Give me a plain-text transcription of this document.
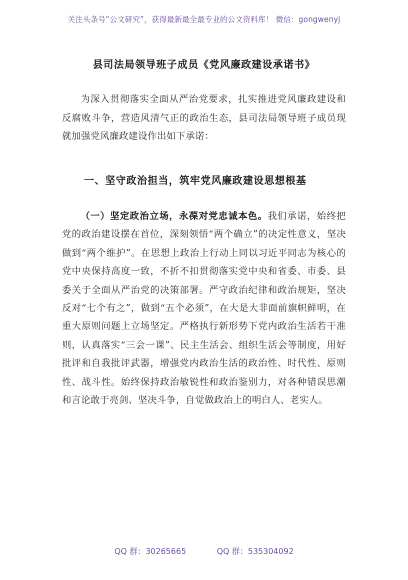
关注头条号“公文研究”，获得最新最全最专业的公文资料库！ 微信：gongwenyj
县司法局领导班子成员《党风廉政建设承诺书》
为深入贯彻落实全面从严治党要求，扎实推进党风廉政建设和反腐败斗争，营造风清气正的政治生态，县司法局领导班子成员现就加强党风廉政建设作出如下承诺：
一、坚守政治担当，筑牢党风廉政建设思想根基
（一）坚定政治立场，永葆对党忠诚本色。我们承诺，始终把党的政治建设摆在首位，深刻领悟“两个确立”的决定性意义，坚决做到“两个维护”。在思想上政治上行动上同以习近平同志为核心的党中央保持高度一致，不折不扣贯彻落实党中央和省委、市委、县委关于全面从严治党的决策部署。严守政治纪律和政治规矩，坚决反对“七个有之”，做到“五个必须”，在大是大非面前旗帜鲜明，在重大原则问题上立场坚定。严格执行新形势下党内政治生活若干准则，认真落实“三会一课”、民主生活会、组织生活会等制度，用好批评和自我批评武器，增强党内政治生活的政治性、时代性、原则性、战斗性。始终保持政治敏锐性和政治鉴别力，对各种错误思潮和言论敢于亮剑、坚决斗争，自觉做政治上的明白人、老实人。
QQ 群：30265665	QQ 群：535304092
